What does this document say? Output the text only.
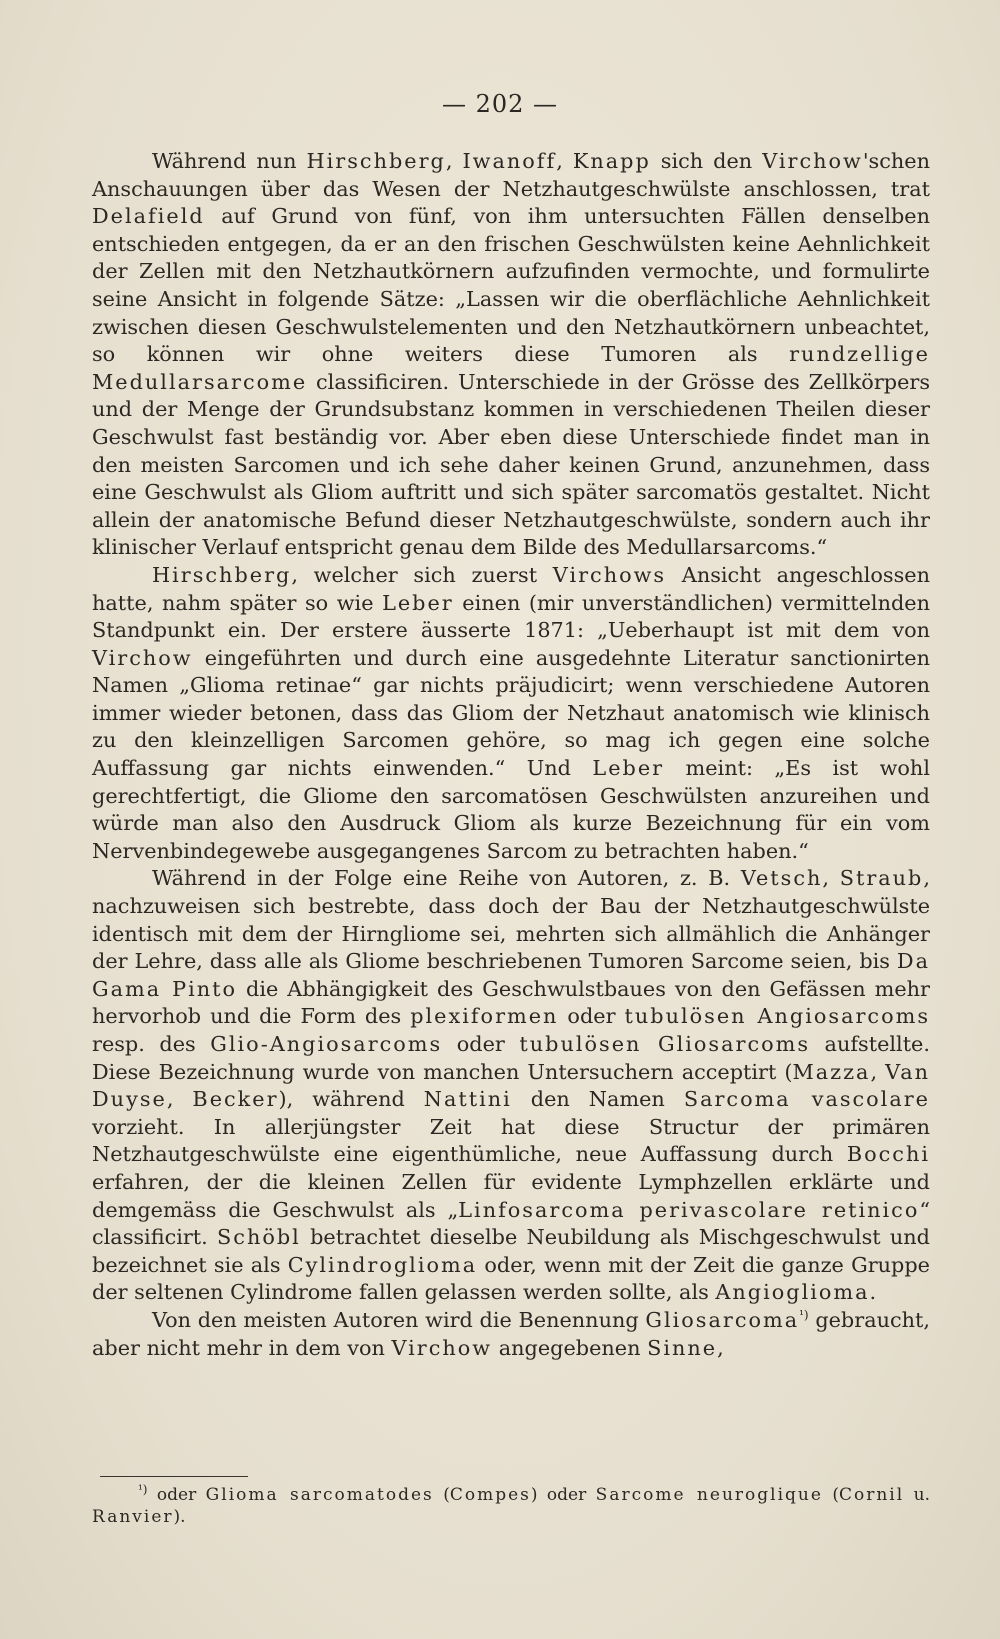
— 202 —

Während nun Hirschberg, Iwanoff, Knapp sich den Virchow'schen Anschauungen über das Wesen der Netzhautgeschwülste anschlossen, trat Delafield auf Grund von fünf, von ihm untersuchten Fällen denselben entschieden entgegen, da er an den frischen Geschwülsten keine Aehnlichkeit der Zellen mit den Netzhautkörnern aufzufinden vermochte, und formulirte seine Ansicht in folgende Sätze: „Lassen wir die oberflächliche Aehnlichkeit zwischen diesen Geschwulstelementen und den Netzhautkörnern unbeachtet, so können wir ohne weiters diese Tumoren als rundzellige Medullarsarcome classificiren. Unterschiede in der Grösse des Zellkörpers und der Menge der Grundsubstanz kommen in verschiedenen Theilen dieser Geschwulst fast beständig vor. Aber eben diese Unterschiede findet man in den meisten Sarcomen und ich sehe daher keinen Grund, anzunehmen, dass eine Geschwulst als Gliom auftritt und sich später sarcomatös gestaltet. Nicht allein der anatomische Befund dieser Netzhautgeschwülste, sondern auch ihr klinischer Verlauf entspricht genau dem Bilde des Medullarsarcoms.“

Hirschberg, welcher sich zuerst Virchows Ansicht angeschlossen hatte, nahm später so wie Leber einen (mir unverständlichen) vermittelnden Standpunkt ein. Der erstere äusserte 1871: „Ueberhaupt ist mit dem von Virchow eingeführten und durch eine ausgedehnte Literatur sanctionirten Namen „Glioma retinae“ gar nichts präjudicirt; wenn verschiedene Autoren immer wieder betonen, dass das Gliom der Netzhaut anatomisch wie klinisch zu den kleinzelligen Sarcomen gehöre, so mag ich gegen eine solche Auffassung gar nichts einwenden.“ Und Leber meint: „Es ist wohl gerechtfertigt, die Gliome den sarcomatösen Geschwülsten anzureihen und würde man also den Ausdruck Gliom als kurze Bezeichnung für ein vom Nervenbindegewebe ausgegangenes Sarcom zu betrachten haben.“

Während in der Folge eine Reihe von Autoren, z. B. Vetsch, Straub, nachzuweisen sich bestrebte, dass doch der Bau der Netzhautgeschwülste identisch mit dem der Hirngliome sei, mehrten sich allmählich die Anhänger der Lehre, dass alle als Gliome beschriebenen Tumoren Sarcome seien, bis Da Gama Pinto die Abhängigkeit des Geschwulstbaues von den Gefässen mehr hervorhob und die Form des plexiformen oder tubulösen Angiosarcoms resp. des Glio-Angiosarcoms oder tubulösen Gliosarcoms aufstellte. Diese Bezeichnung wurde von manchen Untersuchern acceptirt (Mazza, Van Duyse, Becker), während Nattini den Namen Sarcoma vascolare vorzieht. In allerjüngster Zeit hat diese Structur der primären Netzhautgeschwülste eine eigenthümliche, neue Auffassung durch Bocchi erfahren, der die kleinen Zellen für evidente Lymphzellen erklärte und demgemäss die Geschwulst als „Linfosarcoma perivascolare retinico“ classificirt. Schöbl betrachtet dieselbe Neubildung als Mischgeschwulst und bezeichnet sie als Cylindroglioma oder, wenn mit der Zeit die ganze Gruppe der seltenen Cylindrome fallen gelassen werden sollte, als Angioglioma.

Von den meisten Autoren wird die Benennung Gliosarcoma$^{^1)}$ gebraucht, aber nicht mehr in dem von Virchow angegebenen Sinne,

$^{^1)}$ oder Glioma sarcomatodes (Compes) oder Sarcome neuroglique (Cornil u. Ranvier).
